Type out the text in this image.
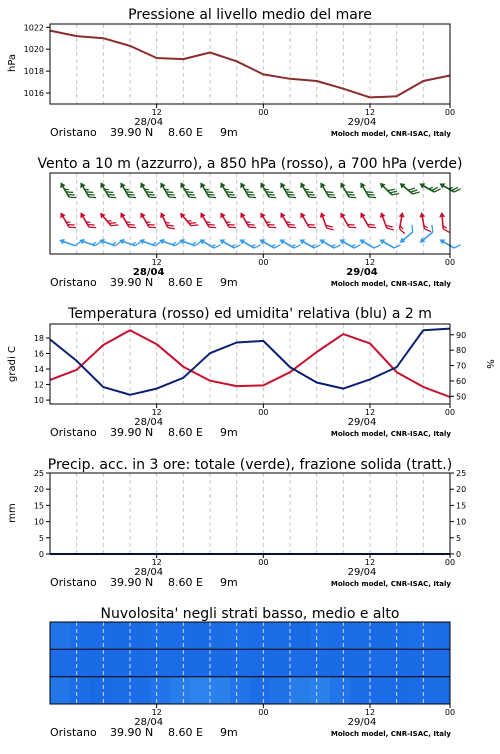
Pressione al livello medio del mare
hPa
1016
1018
1020
1022
12	00	12	00
28/04	29/04
Oristano 39.90 N 8.60 E 9m	Moloch model, CNR-ISAC, Italy
Vento a 10 m (azzurro), a 850 hPa (rosso), a 700 hPa (verde)
12	00	12	00
28/04	29/04
Oristano 39.90 N 8.60 E 9m	Moloch model, CNR-ISAC, Italy
Temperatura (rosso) ed umidita' relativa (blu) a 2 m
gradi C	%
10
12
14
16
18
50
60
70
80
90
12	00	12	00
28/04	29/04
Oristano 39.90 N 8.60 E 9m	Moloch model, CNR-ISAC, Italy
Precip. acc. in 3 ore: totale (verde), frazione solida (tratt.)
mm
0
5
10
15
20
25
0
5
10
15
20
25
12	00	12	00
28/04	29/04
Oristano 39.90 N 8.60 E 9m	Moloch model, CNR-ISAC, Italy
Nuvolosita' negli strati basso, medio e alto
12	00	12	00
28/04	29/04
Oristano 39.90 N 8.60 E 9m	Moloch model, CNR-ISAC, Italy
